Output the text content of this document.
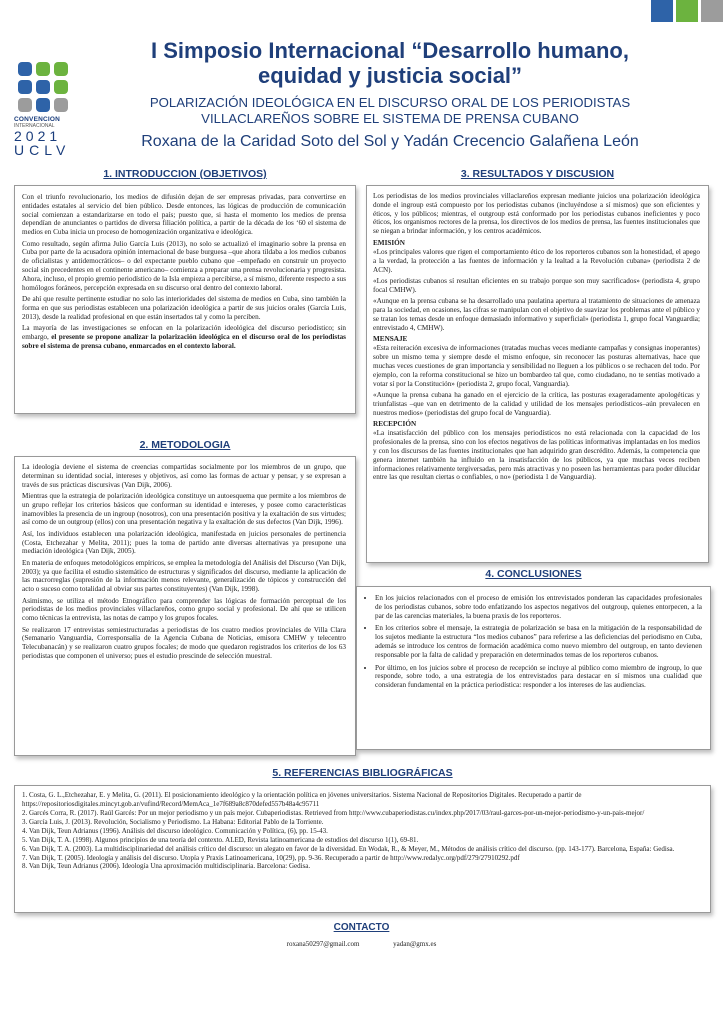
CONVENCION
INTERNACIONAL
2021
UCLV
I Simposio Internacional “Desarrollo humano,
equidad y justicia social”
POLARIZACIÓN IDEOLÓGICA EN EL DISCURSO ORAL DE LOS PERIODISTAS
VILLACLAREÑOS SOBRE EL SISTEMA DE PRENSA CUBANO
Roxana de la Caridad Soto del Sol y Yadán Crecencio Galañena León
1. INTRODUCCION (OBJETIVOS)

Con el triunfo revolucionario, los medios de difusión dejan de ser empresas privadas, para convertirse en entidades estatales al servicio del bien público. Desde entonces, las lógicas de producción de comunicación social comienzan a estandarizarse en todo el país; puesto que, si hasta el momento los medios de prensa dependían de anunciantes o partidos de diversa filiación política, a partir de la década de los ‘60 el sistema de medios en Cuba inicia un proceso de homogenización organizativa e ideológica.

Como resultado, según afirma Julio García Luis (2013), no solo se actualizó el imaginario sobre la prensa en Cuba por parte de la acusadora opinión internacional de base burguesa –que ahora tildaba a los medios cubanos de oficialistas y antidemocráticos– o del expectante pueblo cubano que –empeñado en construir un proyecto social sin precedentes en el continente americano– comienza a preparar una prensa revolucionaria y progresista. Ahora, incluso, el propio gremio periodístico de la Isla empieza a percibirse, a sí mismo, diferente respecto a sus homólogos foráneos, percepción expresada en su discurso oral dentro del contexto laboral.

De ahí que resulte pertinente estudiar no solo las interioridades del sistema de medios en Cuba, sino también la forma en que sus periodistas establecen una polarización ideológica a partir de sus juicios orales (García Luis, 2013), desde la realidad profesional en que están insertados tal y como la perciben.

La mayoría de las investigaciones se enfocan en la polarización ideológica del discurso periodístico; sin embargo, el presente se propone analizar la polarización ideológica en el discurso oral de los periodistas sobre el sistema de prensa cubano, enmarcados en el contexto laboral.

2. METODOLOGIA

La ideología deviene el sistema de creencias compartidas socialmente por los miembros de un grupo, que determinan su identidad social, intereses y objetivos, así como las formas de actuar y pensar, y se expresan a través de sus prácticas discursivas (Van Dijk, 2006).

Mientras que la estrategia de polarización ideológica constituye un autoesquema que permite a los miembros de un grupo reflejar los criterios básicos que conforman su identidad e intereses, y posee como características inamovibles la presencia de un ingroup (nosotros), con una presentación positiva y la exaltación de sus virtudes; así como de un outgroup (ellos) con una presentación negativa y la exaltación de sus defectos (Van Dijk, 1996).

Así, los individuos establecen una polarización ideológica, manifestada en juicios personales de pertinencia (Costa, Etchezahar y Melita, 2011); pues la toma de partido ante diversas alternativas ya presupone una mediación ideológica (Van Dijk, 2005).

En materia de enfoques metodológicos empíricos, se emplea la metodología del Análisis del Discurso (Van Dijk, 2003); ya que facilita el estudio sistemático de estructuras y significados del discurso, mediante la aplicación de las macrorreglas (supresión de la información menos relevante, generalización de tópicos y construcción del acto o suceso como totalidad al obviar sus partes constituyentes) (Van Dijk, 1998).

Asimismo, se utiliza el método Etnográfico para comprender las lógicas de formación perceptual de los periodistas de los medios provinciales villaclareños, como grupo social y profesional. De ahí que se utilicen como técnicas la entrevista, las notas de campo y los grupos focales.

Se realizaron 17 entrevistas semiestructuradas a periodistas de los cuatro medios provinciales de Villa Clara (Semanario Vanguardia, Corresponsalía de la Agencia Cubana de Noticias, emisora CMHW y telecentro Telecubanacán) y se realizaron cuatro grupos focales; de modo que quedaron registrados los criterios de los 63 periodistas que componen el universo; pues el estudio prescinde de selección muestral.

3. RESULTADOS Y DISCUSION

Los periodistas de los medios provinciales villaclareños expresan mediante juicios una polarización ideológica donde el ingroup está compuesto por los periodistas cubanos (incluyéndose a sí mismos) que son eficientes y éticos, y los públicos; mientras, el outgroup está conformado por los periodistas cubanos ineficientes y poco éticos, los organismos rectores de la prensa, los directivos de los medios de prensa, las fuentes institucionales que se niegan a brindar información, y los centros académicos.

EMISIÓN

«Los principales valores que rigen el comportamiento ético de los reporteros cubanos son la honestidad, el apego a la verdad, la protección a las fuentes de información y la lealtad a la Revolución cubana» (periodista 2 de ACN).

«Los periodistas cubanos sí resultan eficientes en su trabajo porque son muy sacrificados» (periodista 4, grupo focal CMHW).

«Aunque en la prensa cubana se ha desarrollado una paulatina apertura al tratamiento de situaciones de amenaza para la sociedad, en ocasiones, las cifras se manipulan con el objetivo de suavizar los problemas ante el público y se tratan los temas desde un enfoque demasiado informativo y superficial» (periodista 1, grupo focal Vanguardia; entrevistado 4, CMHW).

MENSAJE

«Esta reiteración excesiva de informaciones (tratadas muchas veces mediante campañas y consignas inoperantes) sobre un mismo tema y siempre desde el mismo enfoque, sin reconocer las posturas alternativas, hace que muchas veces cuestiones de gran importancia y sensibilidad no lleguen a los públicos o se rechacen del todo. Por ejemplo, con la reforma constitucional se hizo un bombardeo tal que, como ciudadano, no te sentías motivado a votar sí por la Constitución» (periodista 2, grupo focal, Vanguardia).

«Aunque la prensa cubana ha ganado en el ejercicio de la crítica, las posturas exageradamente apologéticas y triunfalistas –que van en detrimento de la calidad y utilidad de los mensajes periodísticos–aún prevalecen en nuestros medios» (periodistas del grupo focal de Vanguardia).

RECEPCIÓN

«La insatisfacción del público con los mensajes periodísticos no está relacionada con la capacidad de los profesionales de la prensa, sino con los efectos negativos de las políticas informativas implantadas en los medios y con los discursos de las fuentes institucionales que han adquirido gran descrédito. Además, la competencia que genera internet también ha influido en la insatisfacción de los públicos, ya que muchas veces reciben informaciones relativamente tergiversadas, pero más atractivas y no poseen las herramientas para poder dilucidar entre las que resultan ciertas o confiables, o no» (periodista 1 de Vanguardia).

4. CONCLUSIONES
• En los juicios relacionados con el proceso de emisión los entrevistados ponderan las capacidades profesionales de los periodistas cubanos, sobre todo enfatizando los aspectos negativos del outgroup, quienes entorpecen, a la par de las carencias materiales, la buena praxis de los reporteros.
• En los criterios sobre el mensaje, la estrategia de polarización se basa en la mitigación de la responsabilidad de los sujetos mediante la estructura “los medios cubanos” para referirse a las deficiencias del periodismo en Cuba, además se introduce los centros de formación académica como nuevo miembro del outgroup, en tanto devienen responsable por la falta de calidad y preparación en determinados temas de los reporteros cubanos.
• Por último, en los juicios sobre el proceso de recepción se incluye al público como miembro de ingroup, lo que responde, sobre todo, a una estrategia de los entrevistados para destacar en sí mismos una cualidad que consideran fundamental en la práctica periodística: responder a los intereses de las audiencias.
5. REFERENCIAS BIBLIOGRÁFICAS

1. Costa, G. L.,Etchezahar, E. y Melita, G. (2011). El posicionamiento ideológico y la orientación política en jóvenes universitarios. Sistema Nacional de Repositorios Digitales. Recuperado a partir de https://repositoriosdigitales.mincyt.gob.ar/vufind/Record/MemAca_1e7f689a8c870defed557b48a4c95711

2. Garcés Corra, R. (2017). Raúl Garcés: Por un mejor periodismo y un país mejor. Cubaperiodistas. Retrieved from http://www.cubaperiodistas.cu/index.php/2017/03/raul-garces-por-un-mejor-periodismo-y-un-pais-mejor/

3. García Luis, J. (2013). Revolución, Socialismo y Periodismo. La Habana: Editorial Pablo de la Torriente.

4. Van Dijk, Teun Adrianus (1996). Análisis del discurso ideológico. Comunicación y Política, (6), pp. 15-43.

5. Van Dijk, T. A. (1998). Algunos principios de una teoría del contexto. ALED, Revista latinoamericana de estudios del discurso 1(1), 69-81.

6. Van Dijk, T. A. (2003). La multidisciplinariedad del análisis crítico del discurso: un alegato en favor de la diversidad. En Wodak, R., & Meyer, M., Métodos de análisis crítico del discurso. (pp. 143-177). Barcelona, España: Gedisa.

7. Van Dijk, T. (2005). Ideología y análisis del discurso. Utopía y Praxis Latinoamericana, 10(29), pp. 9-36. Recuperado a partir de http://www.redalyc.org/pdf/279/27910292.pdf

8. Van Dijk, Teun Adrianus (2006). Ideología Una aproximación multidisciplinaria. Barcelona: Gedisa.

CONTACTO
roxana50297@gmail.com	yadan@gmx.es
